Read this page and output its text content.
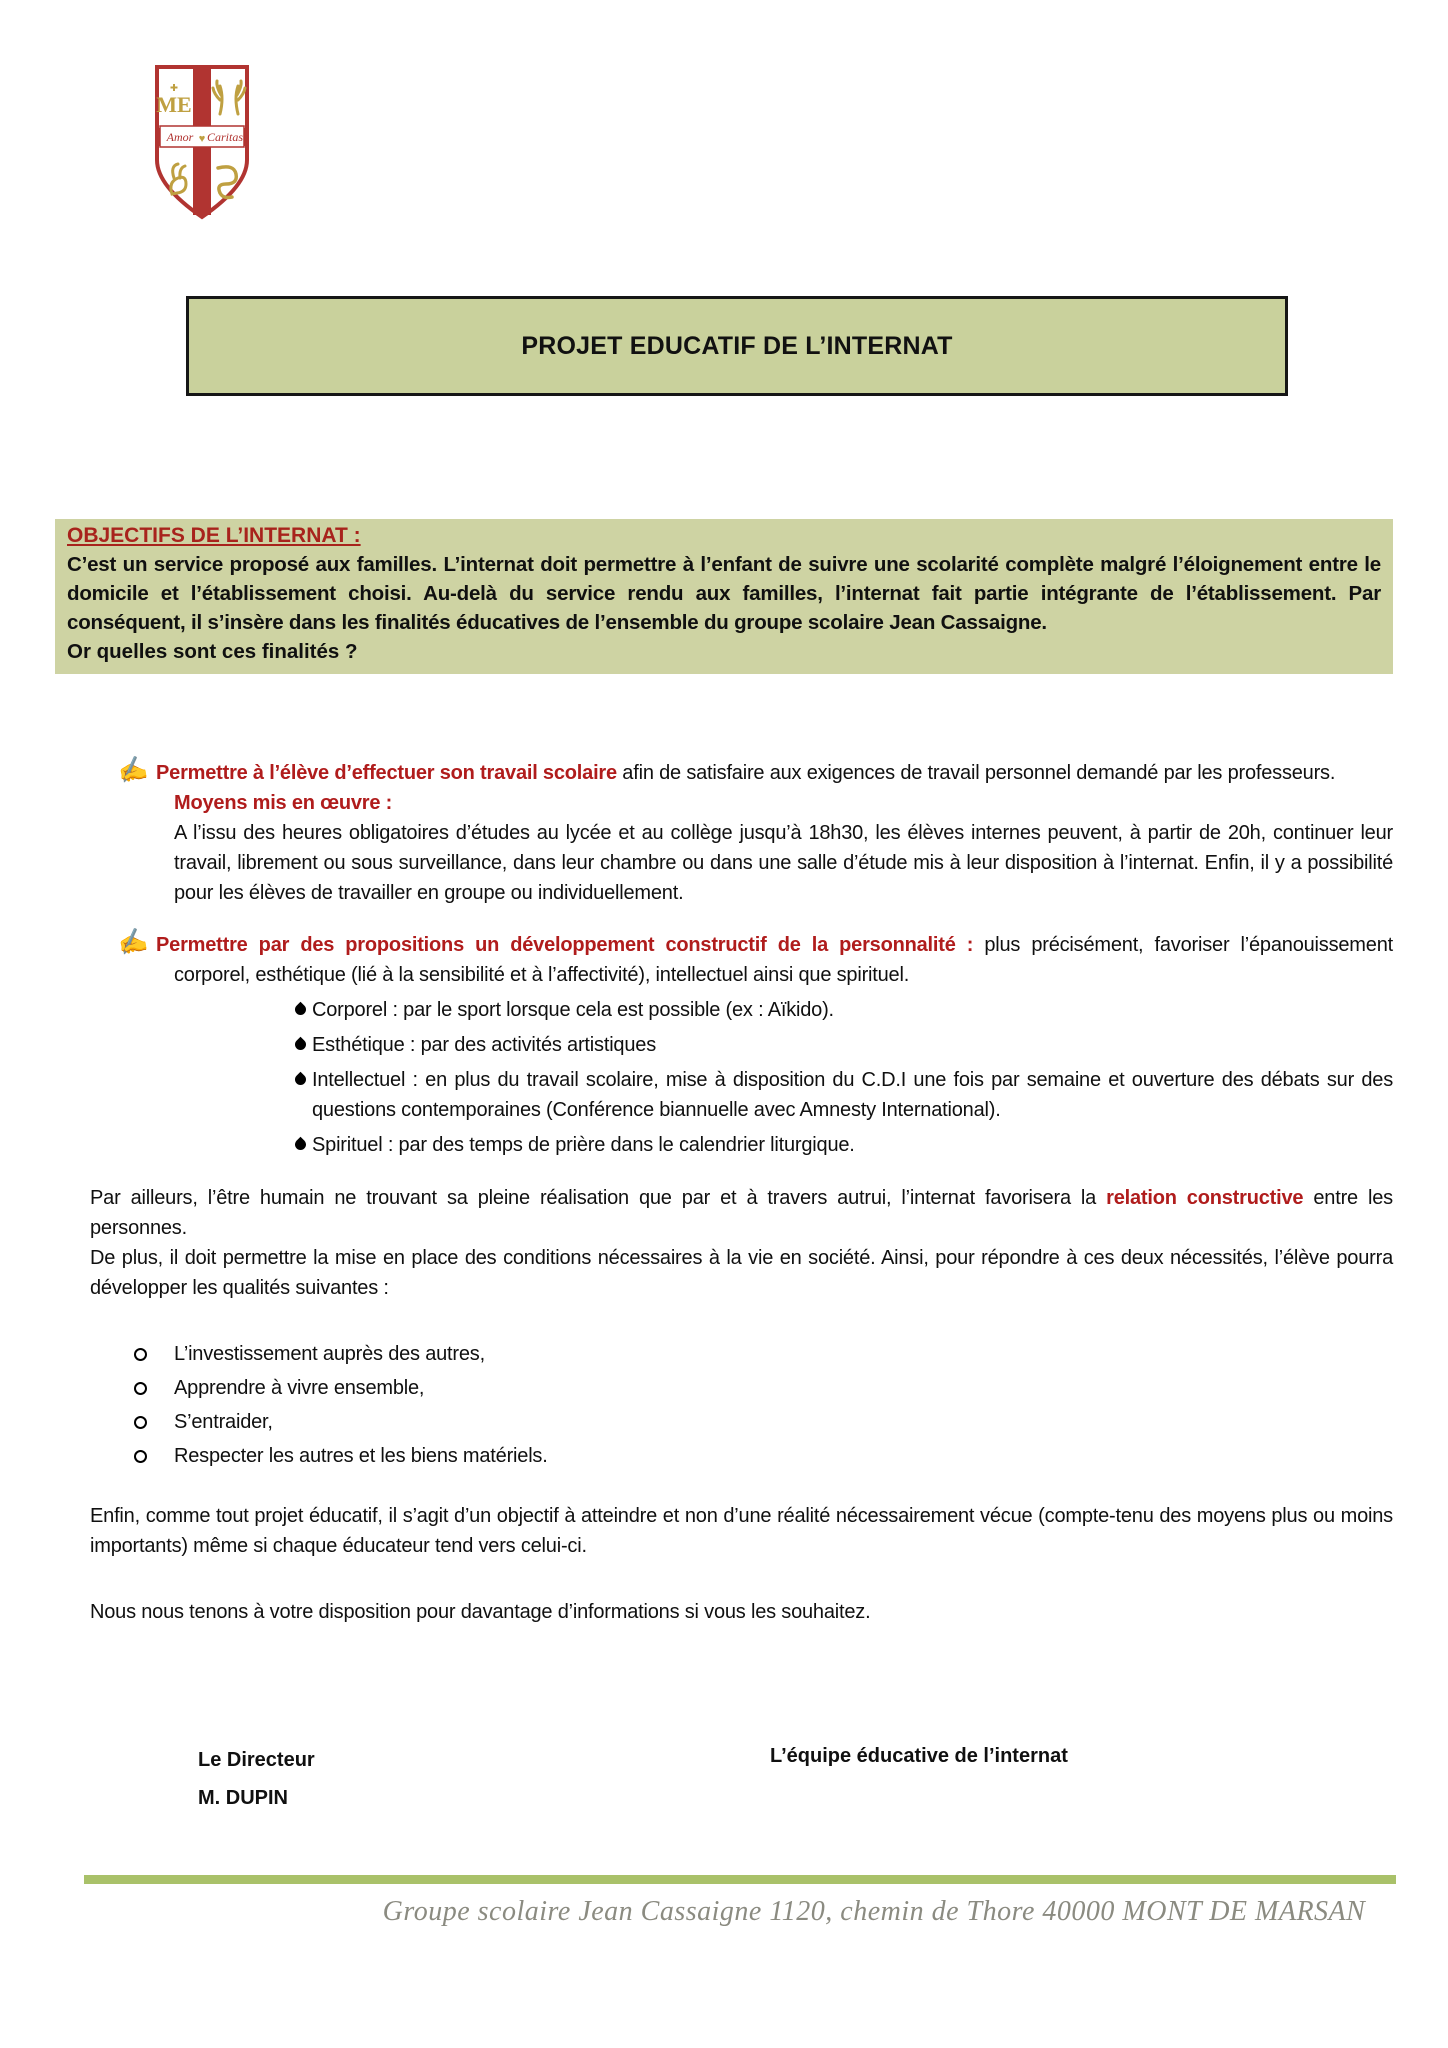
ME
Amor ♥ Caritas
PROJET EDUCATIF DE L’INTERNAT
OBJECTIFS DE L’INTERNAT :

C’est un service proposé aux familles. L’internat doit permettre à l’enfant de suivre une scolarité complète malgré l’éloignement entre le domicile et l’établissement choisi. Au-delà du service rendu aux familles, l’internat fait partie intégrante de l’établissement. Par conséquent, il s’insère dans les finalités éducatives de l’ensemble du groupe scolaire Jean Cassaigne.

Or quelles sont ces finalités ?

✍ Permettre à l’élève d’effectuer son travail scolaire afin de satisfaire aux exigences de travail personnel demandé par les professeurs.

Moyens mis en œuvre :

A l’issu des heures obligatoires d’études au lycée et au collège jusqu’à 18h30, les élèves internes peuvent, à partir de 20h, continuer leur travail, librement ou sous surveillance, dans leur chambre ou dans une salle d’étude mis à leur disposition à l’internat. Enfin, il y a possibilité pour les élèves de travailler en groupe ou individuellement.

✍ Permettre par des propositions un développement constructif de la personnalité : plus précisément, favoriser l’épanouissement corporel, esthétique (lié à la sensibilité et à l’affectivité), intellectuel ainsi que spirituel.

Corporel : par le sport lorsque cela est possible (ex : Aïkido).

Esthétique : par des activités artistiques

Intellectuel : en plus du travail scolaire, mise à disposition du C.D.I une fois par semaine et ouverture des débats sur des questions contemporaines (Conférence biannuelle avec Amnesty International).

Spirituel : par des temps de prière dans le calendrier liturgique.

Par ailleurs, l’être humain ne trouvant sa pleine réalisation que par et à travers autrui, l’internat favorisera la relation constructive entre les personnes.

De plus, il doit permettre la mise en place des conditions nécessaires à la vie en société. Ainsi, pour répondre à ces deux nécessités, l’élève pourra développer les qualités suivantes :

L’investissement auprès des autres,

Apprendre à vivre ensemble,

S’entraider,

Respecter les autres et les biens matériels.

Enfin, comme tout projet éducatif, il s’agit d’un objectif à atteindre et non d’une réalité nécessairement vécue (compte-tenu des moyens plus ou moins importants) même si chaque éducateur tend vers celui-ci.

Nous nous tenons à votre disposition pour davantage d’informations si vous les souhaitez.

Le Directeur
M. DUPIN
L’équipe éducative de l’internat
Groupe scolaire Jean Cassaigne 1120, chemin de Thore 40000 MONT DE MARSAN
